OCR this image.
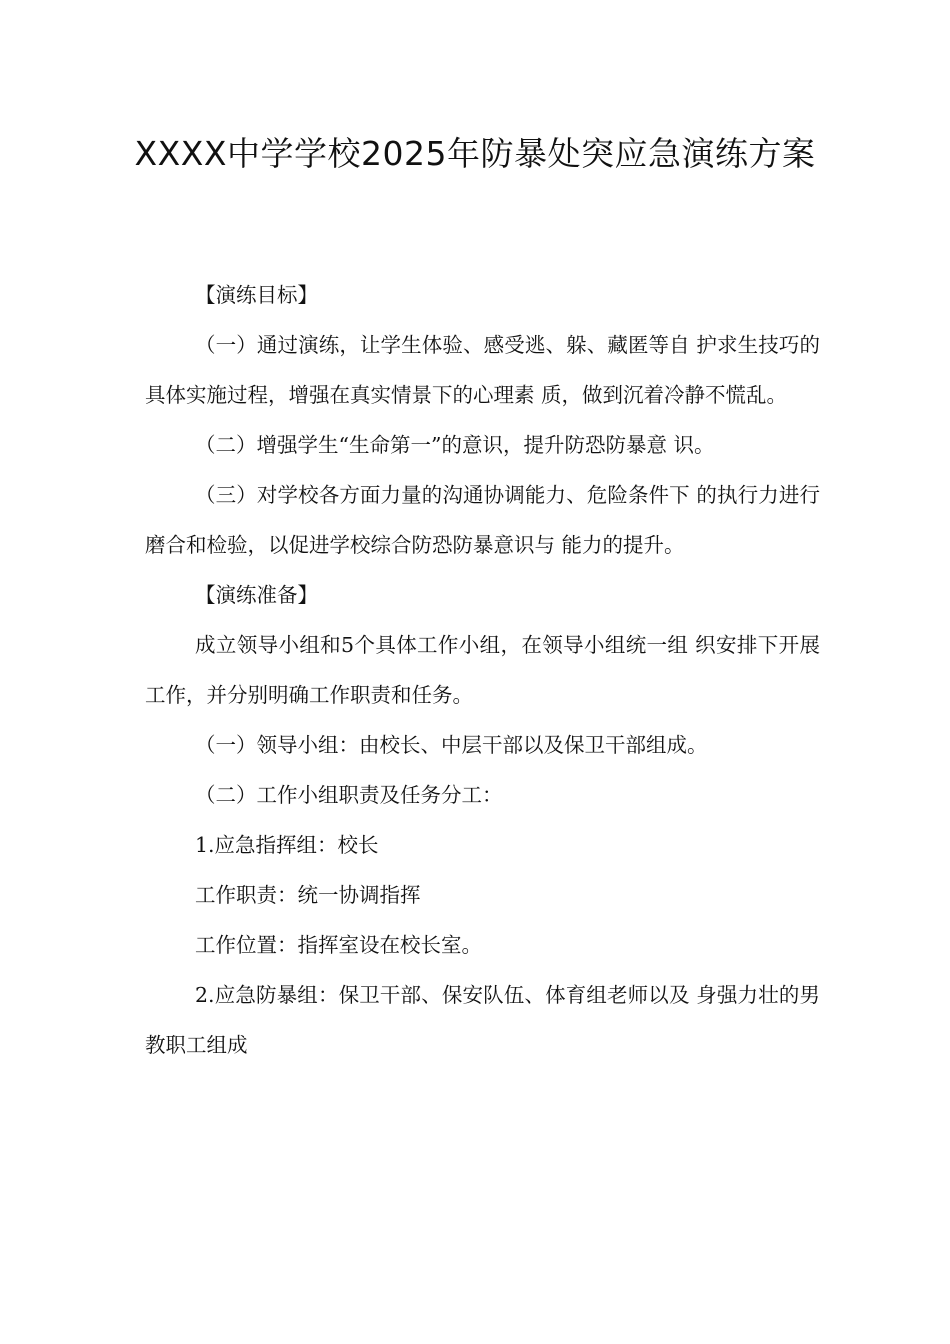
XXXX中学学校2025年防暴处突应急演练方案

【演练目标】

（一）通过演练，让学生体验、感受逃、躲、藏匿等自 护求生技巧的具体实施过程，增强在真实情景下的心理素 质，做到沉着冷静不慌乱。

（二）增强学生“生命第一”的意识，提升防恐防暴意 识。

（三）对学校各方面力量的沟通协调能力、危险条件下 的执行力进行磨合和检验，以促进学校综合防恐防暴意识与 能力的提升。

【演练准备】

成立领导小组和5个具体工作小组，在领导小组统一组 织安排下开展工作，并分别明确工作职责和任务。

（一）领导小组：由校长、中层干部以及保卫干部组成。

（二）工作小组职责及任务分工：

1.应急指挥组：校长

工作职责：统一协调指挥

工作位置：指挥室设在校长室。

2.应急防暴组：保卫干部、保安队伍、体育组老师以及 身强力壮的男教职工组成
